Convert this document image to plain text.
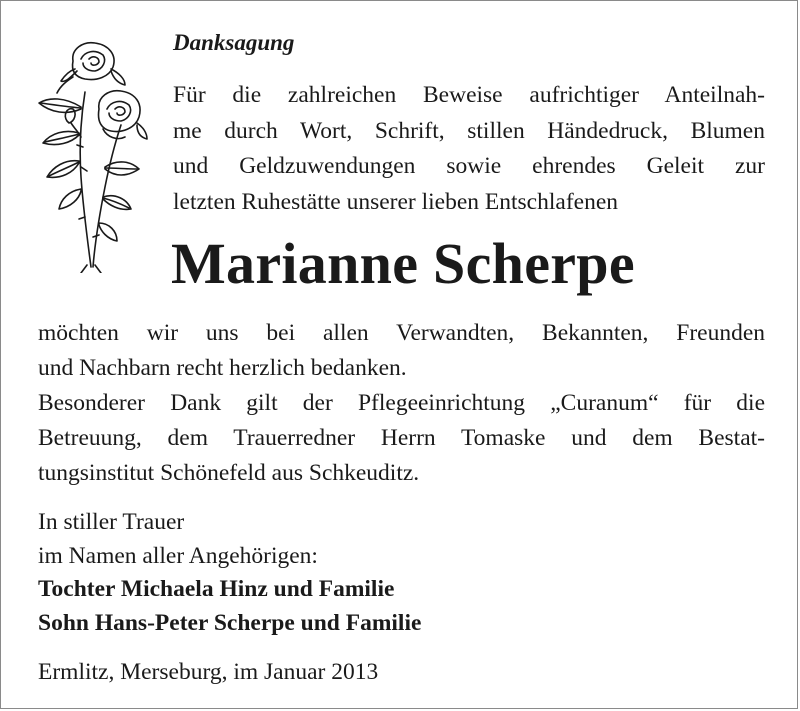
Danksagung
Für die zahlreichen Beweise aufrichtiger Anteilnah-
me durch Wort, Schrift, stillen Händedruck, Blumen
und Geldzuwendungen sowie ehrendes Geleit zur
letzten Ruhestätte unserer lieben Entschlafenen
Marianne Scherpe
möchten wir uns bei allen Verwandten, Bekannten, Freunden
und Nachbarn recht herzlich bedanken.
Besonderer Dank gilt der Pflegeeinrichtung „Curanum“ für die
Betreuung, dem Trauerredner Herrn Tomaske und dem Bestat-
tungsinstitut Schönefeld aus Schkeuditz.
In stiller Trauer
im Namen aller Angehörigen:
Tochter Michaela Hinz und Familie
Sohn Hans-Peter Scherpe und Familie
Ermlitz, Merseburg, im Januar 2013
